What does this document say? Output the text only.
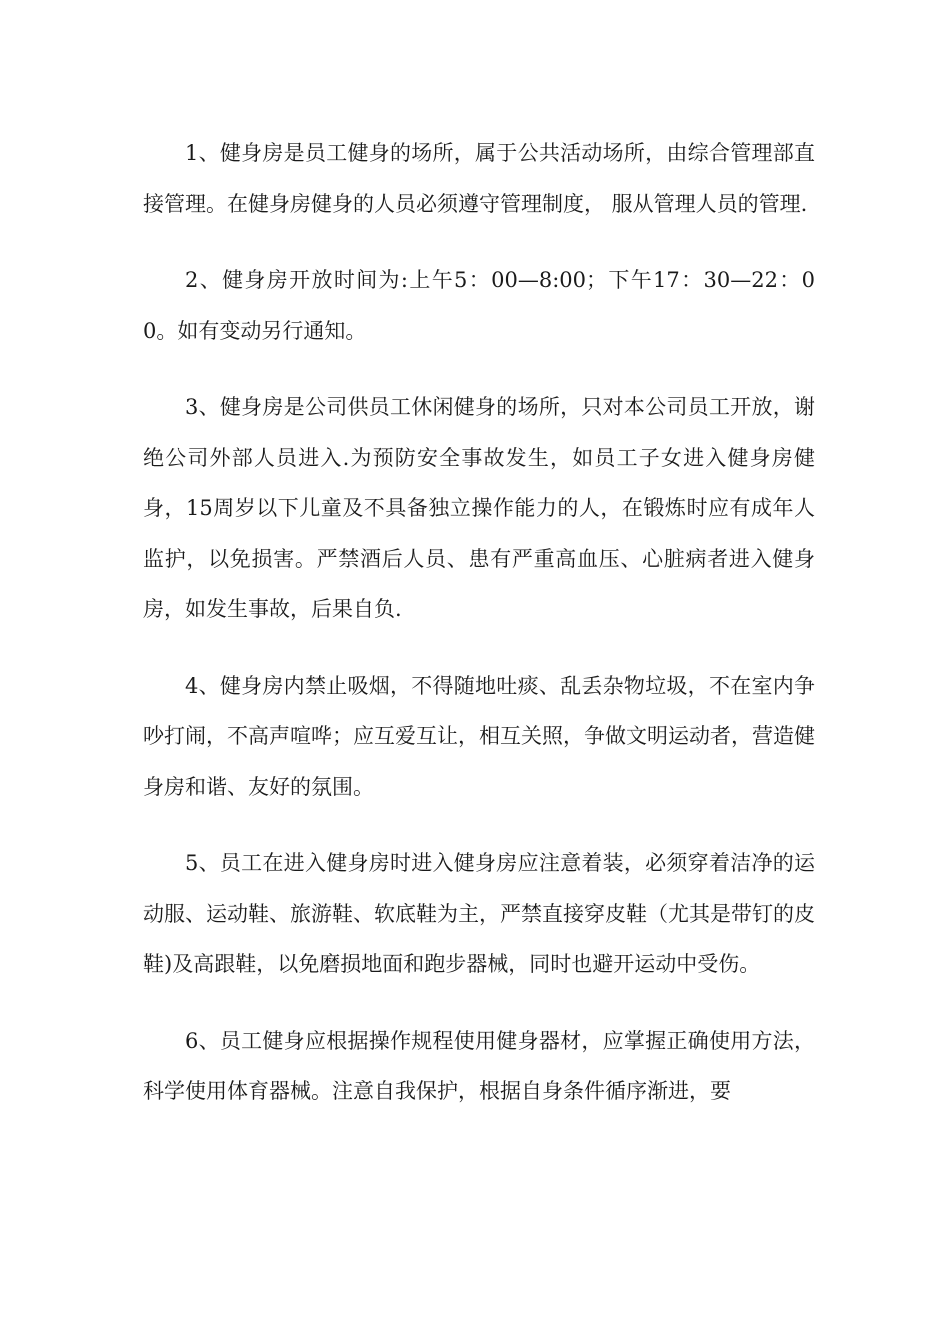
1、健身房是员工健身的场所，属于公共活动场所，由综合管理部直接管理。在健身房健身的人员必须遵守管理制度， 服从管理人员的管理.

2、健身房开放时间为:上午5：00—8:00；下午17：30—22：00。如有变动另行通知。

3、健身房是公司供员工休闲健身的场所，只对本公司员工开放，谢绝公司外部人员进入.为预防安全事故发生，如员工子女进入健身房健身，15周岁以下儿童及不具备独立操作能力的人，在锻炼时应有成年人监护，以免损害。严禁酒后人员、患有严重高血压、心脏病者进入健身房，如发生事故，后果自负.

4、健身房内禁止吸烟，不得随地吐痰、乱丢杂物垃圾，不在室内争吵打闹，不高声喧哗；应互爱互让，相互关照，争做文明运动者，营造健身房和谐、友好的氛围。

5、员工在进入健身房时进入健身房应注意着装，必须穿着洁净的运动服、运动鞋、旅游鞋、软底鞋为主，严禁直接穿皮鞋（尤其是带钉的皮鞋)及高跟鞋，以免磨损地面和跑步器械，同时也避开运动中受伤。

6、员工健身应根据操作规程使用健身器材，应掌握正确使用方法，科学使用体育器械。注意自我保护，根据自身条件循序渐进，要
